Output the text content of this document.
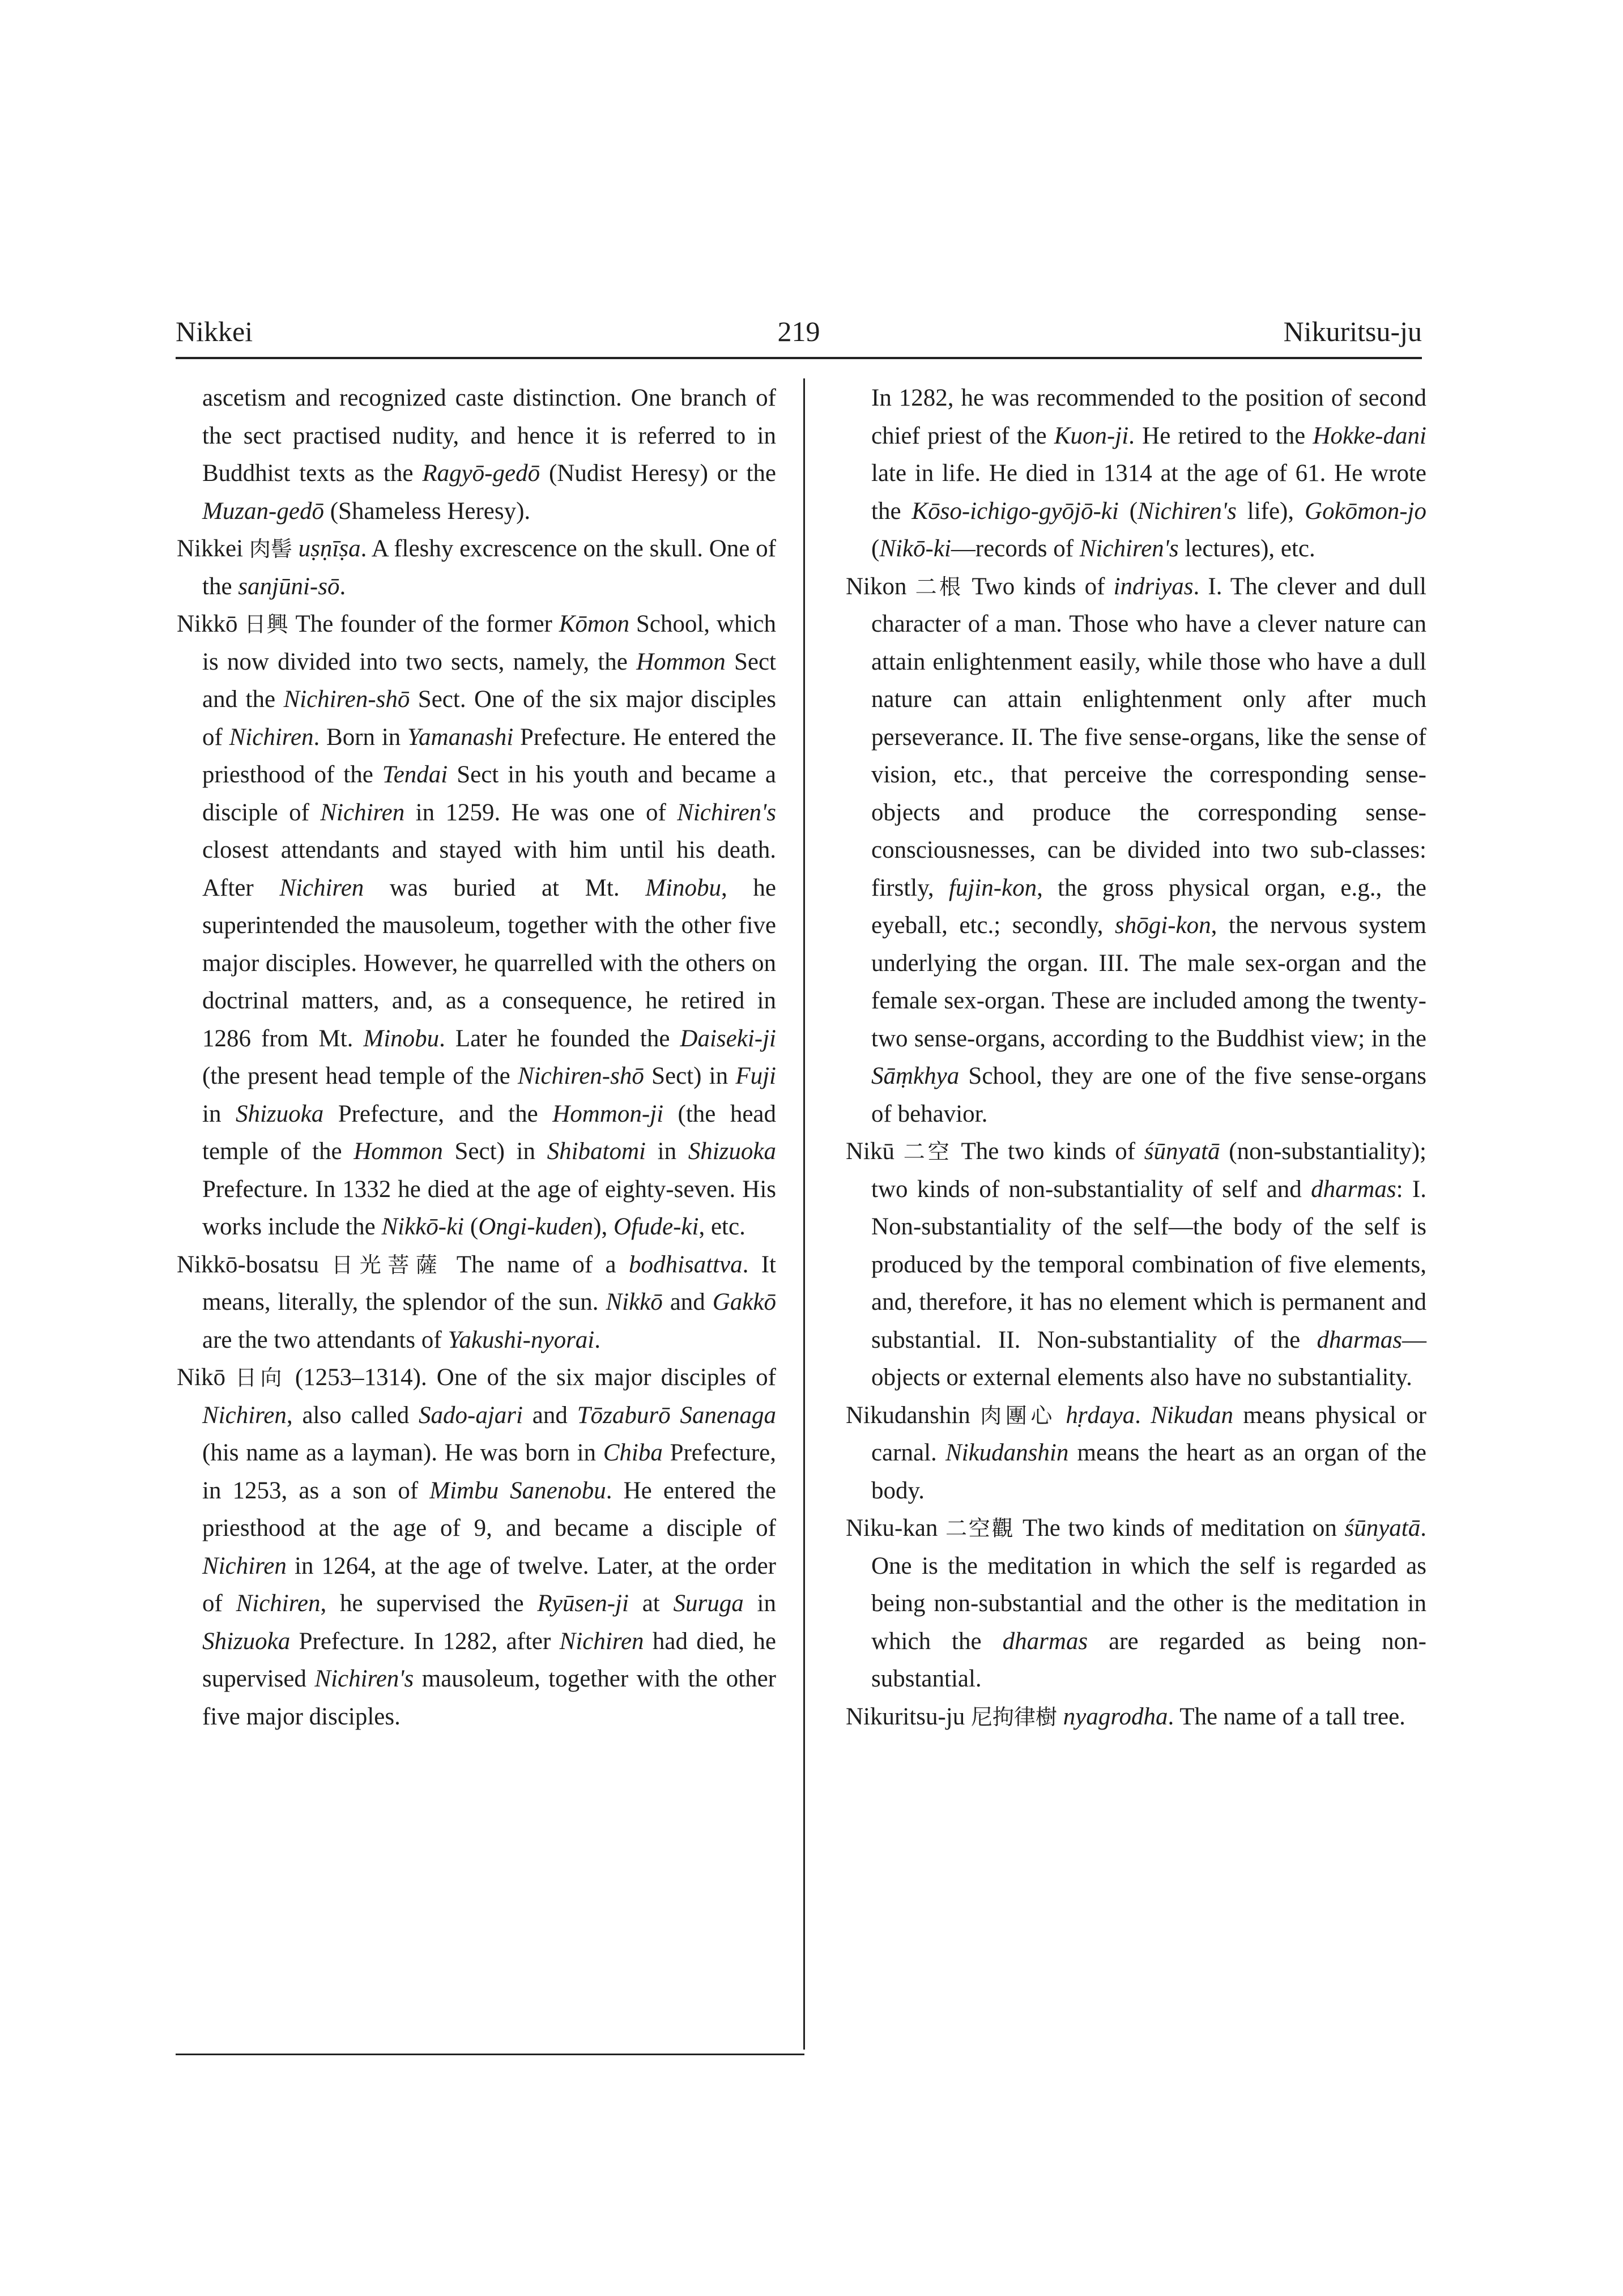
Nikkei	219	Nikuritsu-ju

ascetism and recognized caste distinction. One branch of the sect practised nudity, and hence it is referred to in Buddhist texts as the Ragyō-gedō (Nudist Heresy) or the Muzan-gedō (Shameless Heresy).

Nikkei 肉髻 uṣṇīṣa. A fleshy excrescence on the skull. One of the sanjūni-sō.

Nikkō 日興 The founder of the former Kōmon School, which is now divided into two sects, namely, the Hommon Sect and the Nichiren-shō Sect. One of the six major disciples of Nichiren. Born in Yamanashi Prefecture. He entered the priesthood of the Tendai Sect in his youth and became a disciple of Nichiren in 1259. He was one of Nichiren's closest attendants and stayed with him until his death. After Nichiren was buried at Mt. Minobu, he superintended the mausoleum, together with the other five major disciples. However, he quarrelled with the others on doctrinal matters, and, as a consequence, he retired in 1286 from Mt. Minobu. Later he founded the Daiseki-ji (the present head temple of the Nichiren-shō Sect) in Fuji in Shizuoka Prefecture, and the Hommon-ji (the head temple of the Hommon Sect) in Shibatomi in Shizuoka Prefecture. In 1332 he died at the age of eighty-seven. His works include the Nikkō-ki (Ongi-kuden), Ofude-ki, etc.

Nikkō-bosatsu 日光菩薩 The name of a bodhisattva. It means, literally, the splendor of the sun. Nikkō and Gakkō are the two attendants of Yakushi-nyorai.

Nikō 日向 (1253–1314). One of the six major disciples of Nichiren, also called Sado-ajari and Tōzaburō Sanenaga (his name as a layman). He was born in Chiba Prefecture, in 1253, as a son of Mimbu Sanenobu. He entered the priesthood at the age of 9, and became a disciple of Nichiren in 1264, at the age of twelve. Later, at the order of Nichiren, he supervised the Ryūsen-ji at Suruga in Shizuoka Prefecture. In 1282, after Nichiren had died, he supervised Nichiren's mausoleum, together with the other five major disciples.

In 1282, he was recommended to the position of second chief priest of the Kuon-ji. He retired to the Hokke-dani late in life. He died in 1314 at the age of 61. He wrote the Kōso-ichigo-gyōjō-ki (Nichiren's life), Gokōmon-jo (Nikō-ki—records of Nichiren's lectures), etc.

Nikon 二根 Two kinds of indriyas. I. The clever and dull character of a man. Those who have a clever nature can attain enlightenment easily, while those who have a dull nature can attain enlightenment only after much perseverance. II. The five sense-organs, like the sense of vision, etc., that perceive the corresponding sense-objects and produce the corresponding sense-consciousnesses, can be divided into two sub-classes: firstly, fujin-kon, the gross physical organ, e.g., the eyeball, etc.; secondly, shōgi-kon, the nervous system underlying the organ. III. The male sex-organ and the female sex-organ. These are included among the twenty-two sense-organs, according to the Buddhist view; in the Sāṃkhya School, they are one of the five sense-organs of behavior.

Nikū 二空 The two kinds of śūnyatā (non-substantiality); two kinds of non-substantiality of self and dharmas: I. Non-substantiality of the self—the body of the self is produced by the temporal combination of five elements, and, therefore, it has no element which is permanent and substantial. II. Non-substantiality of the dharmas—objects or external elements also have no substantiality.

Nikudanshin 肉團心 hṛdaya. Nikudan means physical or carnal. Nikudanshin means the heart as an organ of the body.

Niku-kan 二空觀 The two kinds of meditation on śūnyatā. One is the meditation in which the self is regarded as being non-substantial and the other is the meditation in which the dharmas are regarded as being non-substantial.

Nikuritsu-ju 尼拘律樹 nyagrodha. The name of a tall tree.
